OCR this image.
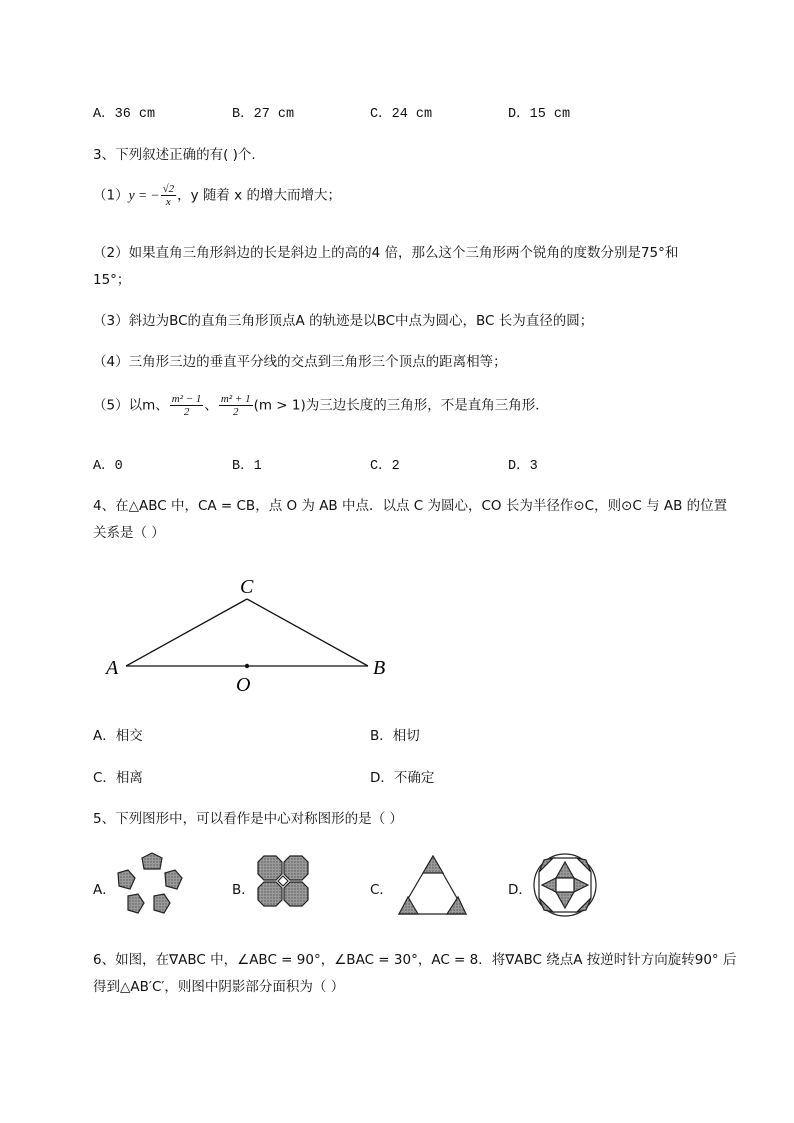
A．36 cm	B．27 cm	C．24 cm	D．15 cm
3、下列叙述正确的有( )个.
（1）y = − $\frac{√2}{x}$ ，y 随着 x 的增大而增大；
（2）如果直角三角形斜边的长是斜边上的高的4 倍，那么这个三角形两个锐角的度数分别是75°和
15°；
（3）斜边为BC的直角三角形顶点A 的轨迹是以BC中点为圆心，BC 长为直径的圆；
（4）三角形三边的垂直平分线的交点到三角形三个顶点的距离相等；
（5）以m、 $\frac{\text{m² − 1}}{2}$ 、 $\frac{\text{m² + 1}}{2} (m > 1)$为三边长度的三角形，不是直角三角形．
A．0	B．1	C．2	D．3
4、在△ABC 中，CA = CB，点 O 为 AB 中点．以点 C 为圆心，CO 长为半径作⊙C，则⊙C 与 AB 的位置
关系是（ ）
A	B
C
O
A．相交	B．相切
C．相离	D．不确定
5、下列图形中，可以看作是中心对称图形的是（ ）
A．	B．	C．	D．
6、如图，在∇ABC 中，∠ABC = 90°，∠BAC = 30°，AC = 8．将∇ABC 绕点A 按逆时针方向旋转90° 后
得到△AB′C′，则图中阴影部分面积为（ ）
